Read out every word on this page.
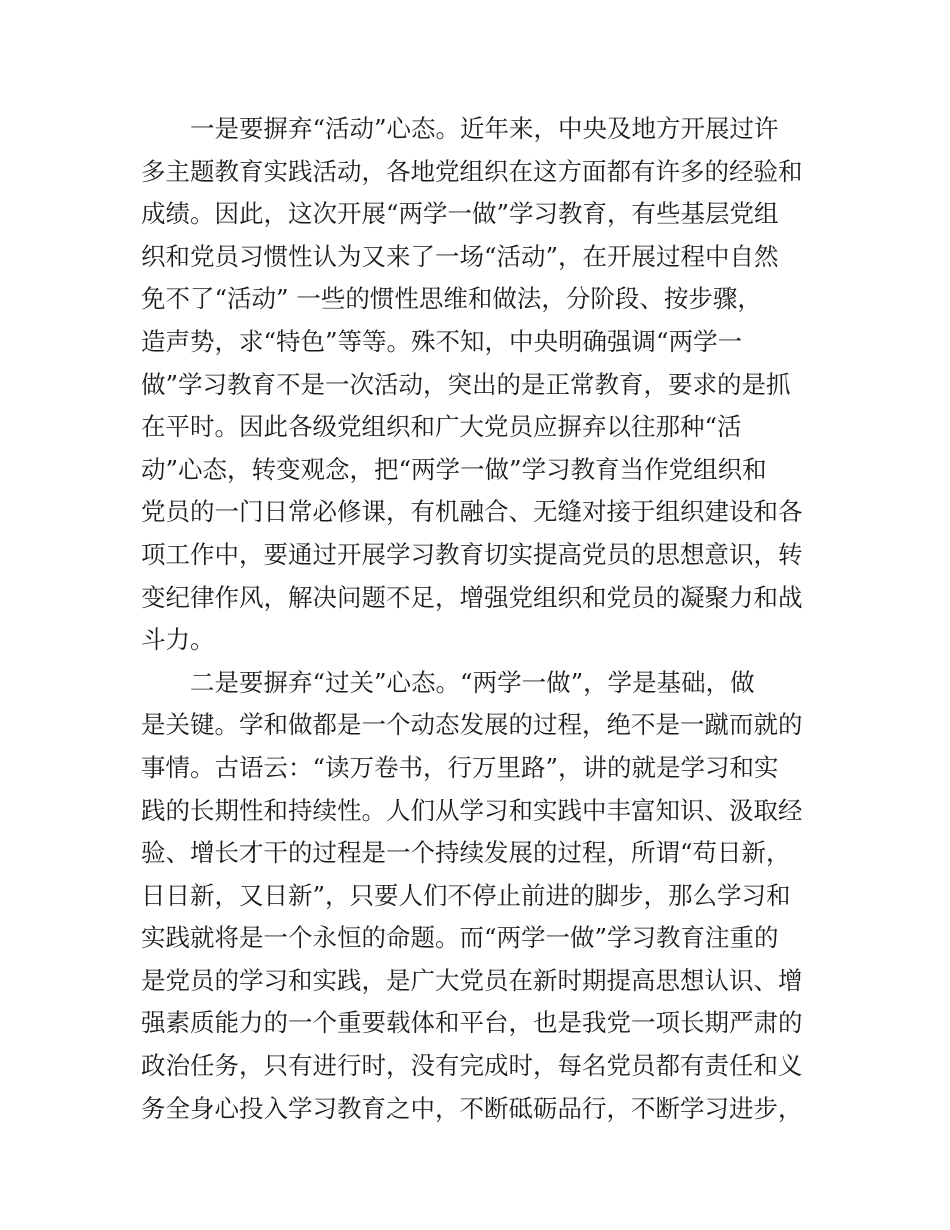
一是要摒弃“活动”心态。近年来，中央及地方开展过许
多主题教育实践活动，各地党组织在这方面都有许多的经验和
成绩。因此，这次开展“两学一做”学习教育，有些基层党组
织和党员习惯性认为又来了一场“活动”，在开展过程中自然
免不了“活动” 一些的惯性思维和做法，分阶段、按步骤，
造声势，求“特色”等等。殊不知，中央明确强调“两学一
做”学习教育不是一次活动，突出的是正常教育，要求的是抓
在平时。因此各级党组织和广大党员应摒弃以往那种“活
动”心态，转变观念，把“两学一做”学习教育当作党组织和
党员的一门日常必修课，有机融合、无缝对接于组织建设和各
项工作中，要通过开展学习教育切实提高党员的思想意识，转
变纪律作风，解决问题不足，增强党组织和党员的凝聚力和战
斗力。
二是要摒弃“过关”心态。“两学一做”，学是基础，做
是关键。学和做都是一个动态发展的过程，绝不是一蹴而就的
事情。古语云：“读万卷书，行万里路”，讲的就是学习和实
践的长期性和持续性。人们从学习和实践中丰富知识、汲取经
验、增长才干的过程是一个持续发展的过程，所谓“苟日新，
日日新，又日新”，只要人们不停止前进的脚步，那么学习和
实践就将是一个永恒的命题。而“两学一做”学习教育注重的
是党员的学习和实践，是广大党员在新时期提高思想认识、增
强素质能力的一个重要载体和平台，也是我党一项长期严肃的
政治任务，只有进行时，没有完成时，每名党员都有责任和义
务全身心投入学习教育之中，不断砥砺品行，不断学习进步，
